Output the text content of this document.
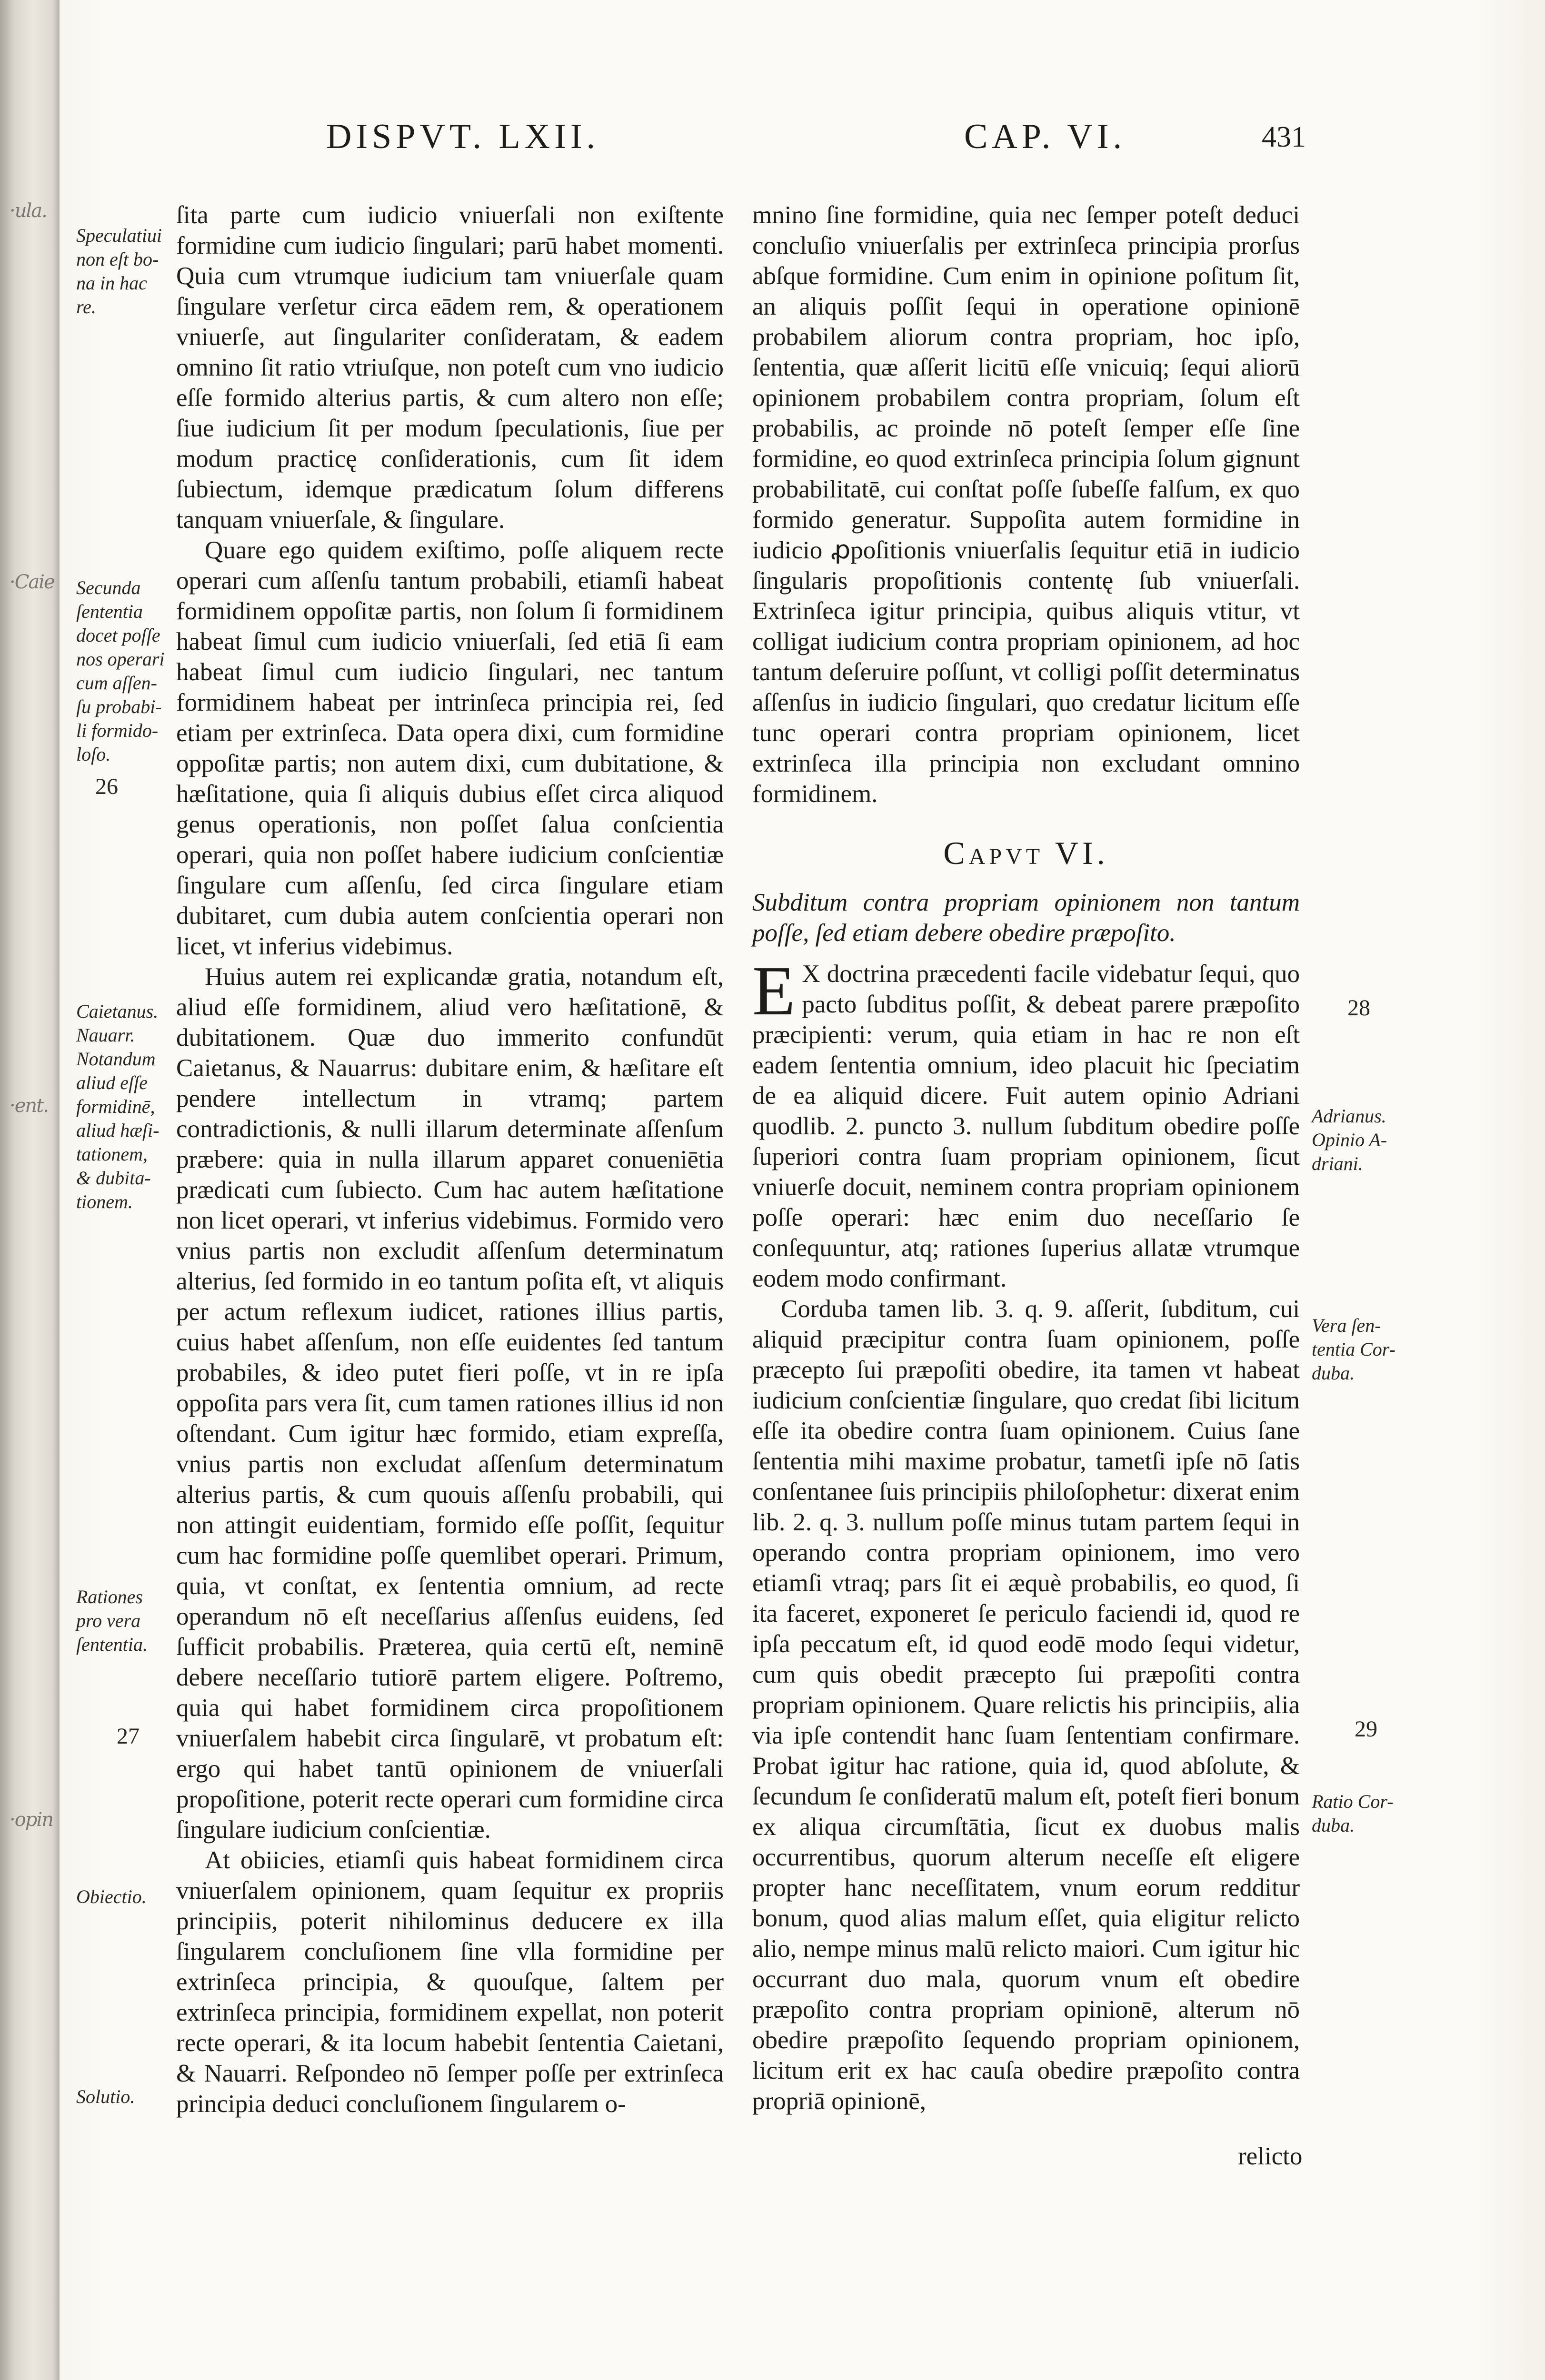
·ula.
·Caie
·ent.
·opin
DISPVT. LXII.	CAP. VI.	431
Speculatiui
non eſt bo-
na in hac
re.
Secunda
ſententia
docet poſſe
nos operari
cum aſſen-
ſu probabi-
li formido-
loſo.
26
Caietanus.
Nauarr.
Notandum
aliud eſſe
formidinē,
aliud hæſi-
tationem,
& dubita-
tionem.
Rationes
pro vera
ſententia.
27
Obiectio.
Solutio.
28
Adrianus.
Opinio A-
driani.
Vera ſen-
tentia Cor-
duba.
29
Ratio Cor-
duba.

ſita parte cum iudicio vniuerſali non exiſtente formidine cum iudicio ſingulari; parū habet momenti. Quia cum vtrumque iudicium tam vniuerſale quam ſingulare verſetur circa eādem rem, & operationem vniuerſe, aut ſingulariter conſideratam, & eadem omnino ſit ratio vtriuſque, non poteſt cum vno iudicio eſſe formido alterius partis, & cum altero non eſſe; ſiue iudicium ſit per modum ſpeculationis, ſiue per modum practicę conſiderationis, cum ſit idem ſubiectum, idemque prædicatum ſolum differens tanquam vniuerſale, & ſingulare.

Quare ego quidem exiſtimo, poſſe aliquem recte operari cum aſſenſu tantum probabili, etiamſi habeat formidinem oppoſitæ partis, non ſolum ſi formidinem habeat ſimul cum iudicio vniuerſali, ſed etiā ſi eam habeat ſimul cum iudicio ſingulari, nec tantum formidinem habeat per intrinſeca principia rei, ſed etiam per extrinſeca. Data opera dixi, cum formidine oppoſitæ partis; non autem dixi, cum dubitatione, & hæſitatione, quia ſi aliquis dubius eſſet circa aliquod genus operationis, non poſſet ſalua conſcientia operari, quia non poſſet habere iudicium conſcientiæ ſingulare cum aſſenſu, ſed circa ſingulare etiam dubitaret, cum dubia autem conſcientia operari non licet, vt inferius videbimus.

Huius autem rei explicandæ gratia, notandum eſt, aliud eſſe formidinem, aliud vero hæſitationē, & dubitationem. Quæ duo immerito confundūt Caietanus, & Nauarrus: dubitare enim, & hæſitare eſt pendere intellectum in vtramq; partem contradictionis, & nulli illarum determinate aſſenſum præbere: quia in nulla illarum apparet conueniētia prædicati cum ſubiecto. Cum hac autem hæſitatione non licet operari, vt inferius videbimus. Formido vero vnius partis non excludit aſſenſum determinatum alterius, ſed formido in eo tantum poſita eſt, vt aliquis per actum reflexum iudicet, rationes illius partis, cuius habet aſſenſum, non eſſe euidentes ſed tantum probabiles, & ideo putet fieri poſſe, vt in re ipſa oppoſita pars vera ſit, cum tamen rationes illius id non oſtendant. Cum igitur hæc formido, etiam expreſſa, vnius partis non excludat aſſenſum determinatum alterius partis, & cum quouis aſſenſu probabili, qui non attingit euidentiam, formido eſſe poſſit, ſequitur cum hac formidine poſſe quemlibet operari. Primum, quia, vt conſtat, ex ſententia omnium, ad recte operandum nō eſt neceſſarius aſſenſus euidens, ſed ſufficit probabilis. Præterea, quia certū eſt, neminē debere neceſſario tutiorē partem eligere. Poſtremo, quia qui habet formidinem circa propoſitionem vniuerſalem habebit circa ſingularē, vt probatum eſt: ergo qui habet tantū opinionem de vniuerſali propoſitione, poterit recte operari cum formidine circa ſingulare iudicium conſcientiæ.

At obiicies, etiamſi quis habeat formidinem circa vniuerſalem opinionem, quam ſequitur ex propriis principiis, poterit nihilominus deducere ex illa ſingularem concluſionem ſine vlla formidine per extrinſeca principia, & quouſque, ſaltem per extrinſeca principia, formidinem expellat, non poterit recte operari, & ita locum habebit ſententia Caietani, & Nauarri. Reſpondeo nō ſemper poſſe per extrinſeca principia deduci concluſionem ſingularem o-

mnino ſine formidine, quia nec ſemper poteſt deduci concluſio vniuerſalis per extrinſeca principia prorſus abſque formidine. Cum enim in opinione poſitum ſit, an aliquis poſſit ſequi in operatione opinionē probabilem aliorum contra propriam, hoc ipſo, ſententia, quæ aſſerit licitū eſſe vnicuiq; ſequi aliorū opinionem probabilem contra propriam, ſolum eſt probabilis, ac proinde nō poteſt ſemper eſſe ſine formidine, eo quod extrinſeca principia ſolum gignunt probabilitatē, cui conſtat poſſe ſubeſſe falſum, ex quo formido generatur. Suppoſita autem formidine in iudicio ꝓpoſitionis vniuerſalis ſequitur etiā in iudicio ſingularis propoſitionis contentę ſub vniuerſali. Extrinſeca igitur principia, quibus aliquis vtitur, vt colligat iudicium contra propriam opinionem, ad hoc tantum deſeruire poſſunt, vt colligi poſſit determinatus aſſenſus in iudicio ſingulari, quo credatur licitum eſſe tunc operari contra propriam opinionem, licet extrinſeca illa principia non excludant omnino formidinem.

Capvt VI.
Subditum contra propriam opinionem non tantum poſſe, ſed etiam debere obedire præpoſito.

E X doctrina præcedenti facile videbatur ſequi, quo pacto ſubditus poſſit, & debeat parere præpoſito præcipienti: verum, quia etiam in hac re non eſt eadem ſententia omnium, ideo placuit hic ſpeciatim de ea aliquid dicere. Fuit autem opinio Adriani quodlib. 2. puncto 3. nullum ſubditum obedire poſſe ſuperiori contra ſuam propriam opinionem, ſicut vniuerſe docuit, neminem contra propriam opinionem poſſe operari: hæc enim duo neceſſario ſe conſequuntur, atq; rationes ſuperius allatæ vtrumque eodem modo confirmant.

Corduba tamen lib. 3. q. 9. aſſerit, ſubditum, cui aliquid præcipitur contra ſuam opinionem, poſſe præcepto ſui præpoſiti obedire, ita tamen vt habeat iudicium conſcientiæ ſingulare, quo credat ſibi licitum eſſe ita obedire contra ſuam opinionem. Cuius ſane ſententia mihi maxime probatur, tametſi ipſe nō ſatis conſentanee ſuis principiis philoſophetur: dixerat enim lib. 2. q. 3. nullum poſſe minus tutam partem ſequi in operando contra propriam opinionem, imo vero etiamſi vtraq; pars ſit ei æquè probabilis, eo quod, ſi ita faceret, exponeret ſe periculo faciendi id, quod re ipſa peccatum eſt, id quod eodē modo ſequi videtur, cum quis obedit præcepto ſui præpoſiti contra propriam opinionem. Quare relictis his principiis, alia via ipſe contendit hanc ſuam ſententiam confirmare. Probat igitur hac ratione, quia id, quod abſolute, & ſecundum ſe conſideratū malum eſt, poteſt fieri bonum ex aliqua circumſtātia, ſicut ex duobus malis occurrentibus, quorum alterum neceſſe eſt eligere propter hanc neceſſitatem, vnum eorum redditur bonum, quod alias malum eſſet, quia eligitur relicto alio, nempe minus malū relicto maiori. Cum igitur hic occurrant duo mala, quorum vnum eſt obedire præpoſito contra propriam opinionē, alterum nō obedire præpoſito ſequendo propriam opinionem, licitum erit ex hac cauſa obedire præpoſito contra propriā opinionē,

relicto
